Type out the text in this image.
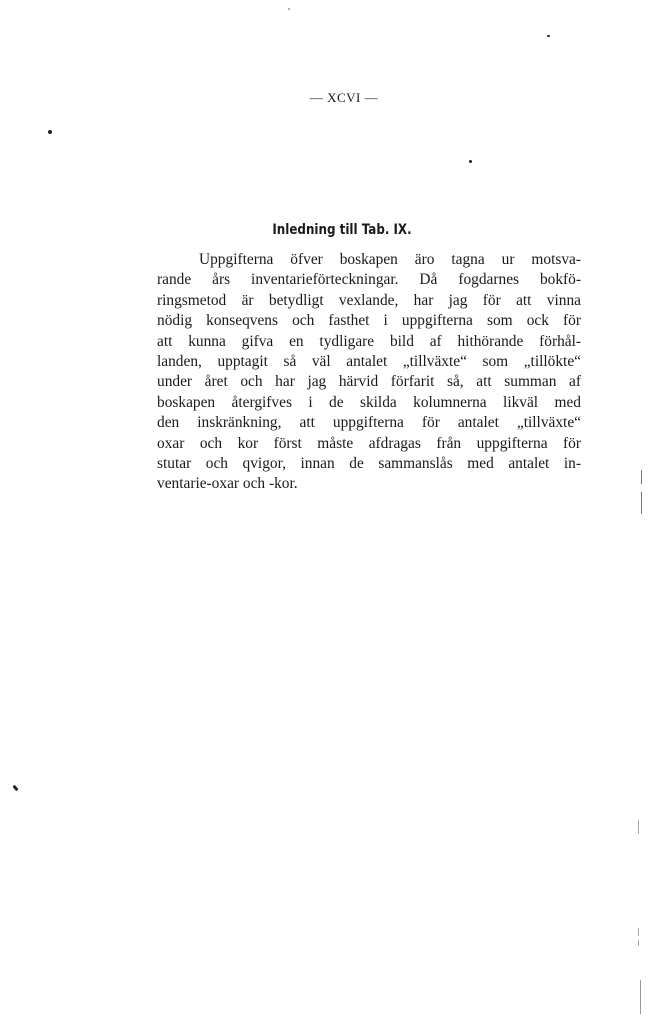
— XCVI —
Inledning till Tab. IX.
Uppgifterna öfver boskapen äro tagna ur motsva-
rande års inventarieförteckningar. Då fogdarnes bokfö-
ringsmetod är betydligt vexlande, har jag för att vinna
nödig konseqvens och fasthet i uppgifterna som ock för
att kunna gifva en tydligare bild af hithörande förhål-
landen, upptagit så väl antalet „tillväxte“ som „tillökte“
under året och har jag härvid förfarit så, att summan af
boskapen återgifves i de skilda kolumnerna likväl med
den inskränkning, att uppgifterna för antalet „tillväxte“
oxar och kor först måste afdragas från uppgifterna för
stutar och qvigor, innan de sammanslås med antalet in-
ventarie-oxar och -kor.
